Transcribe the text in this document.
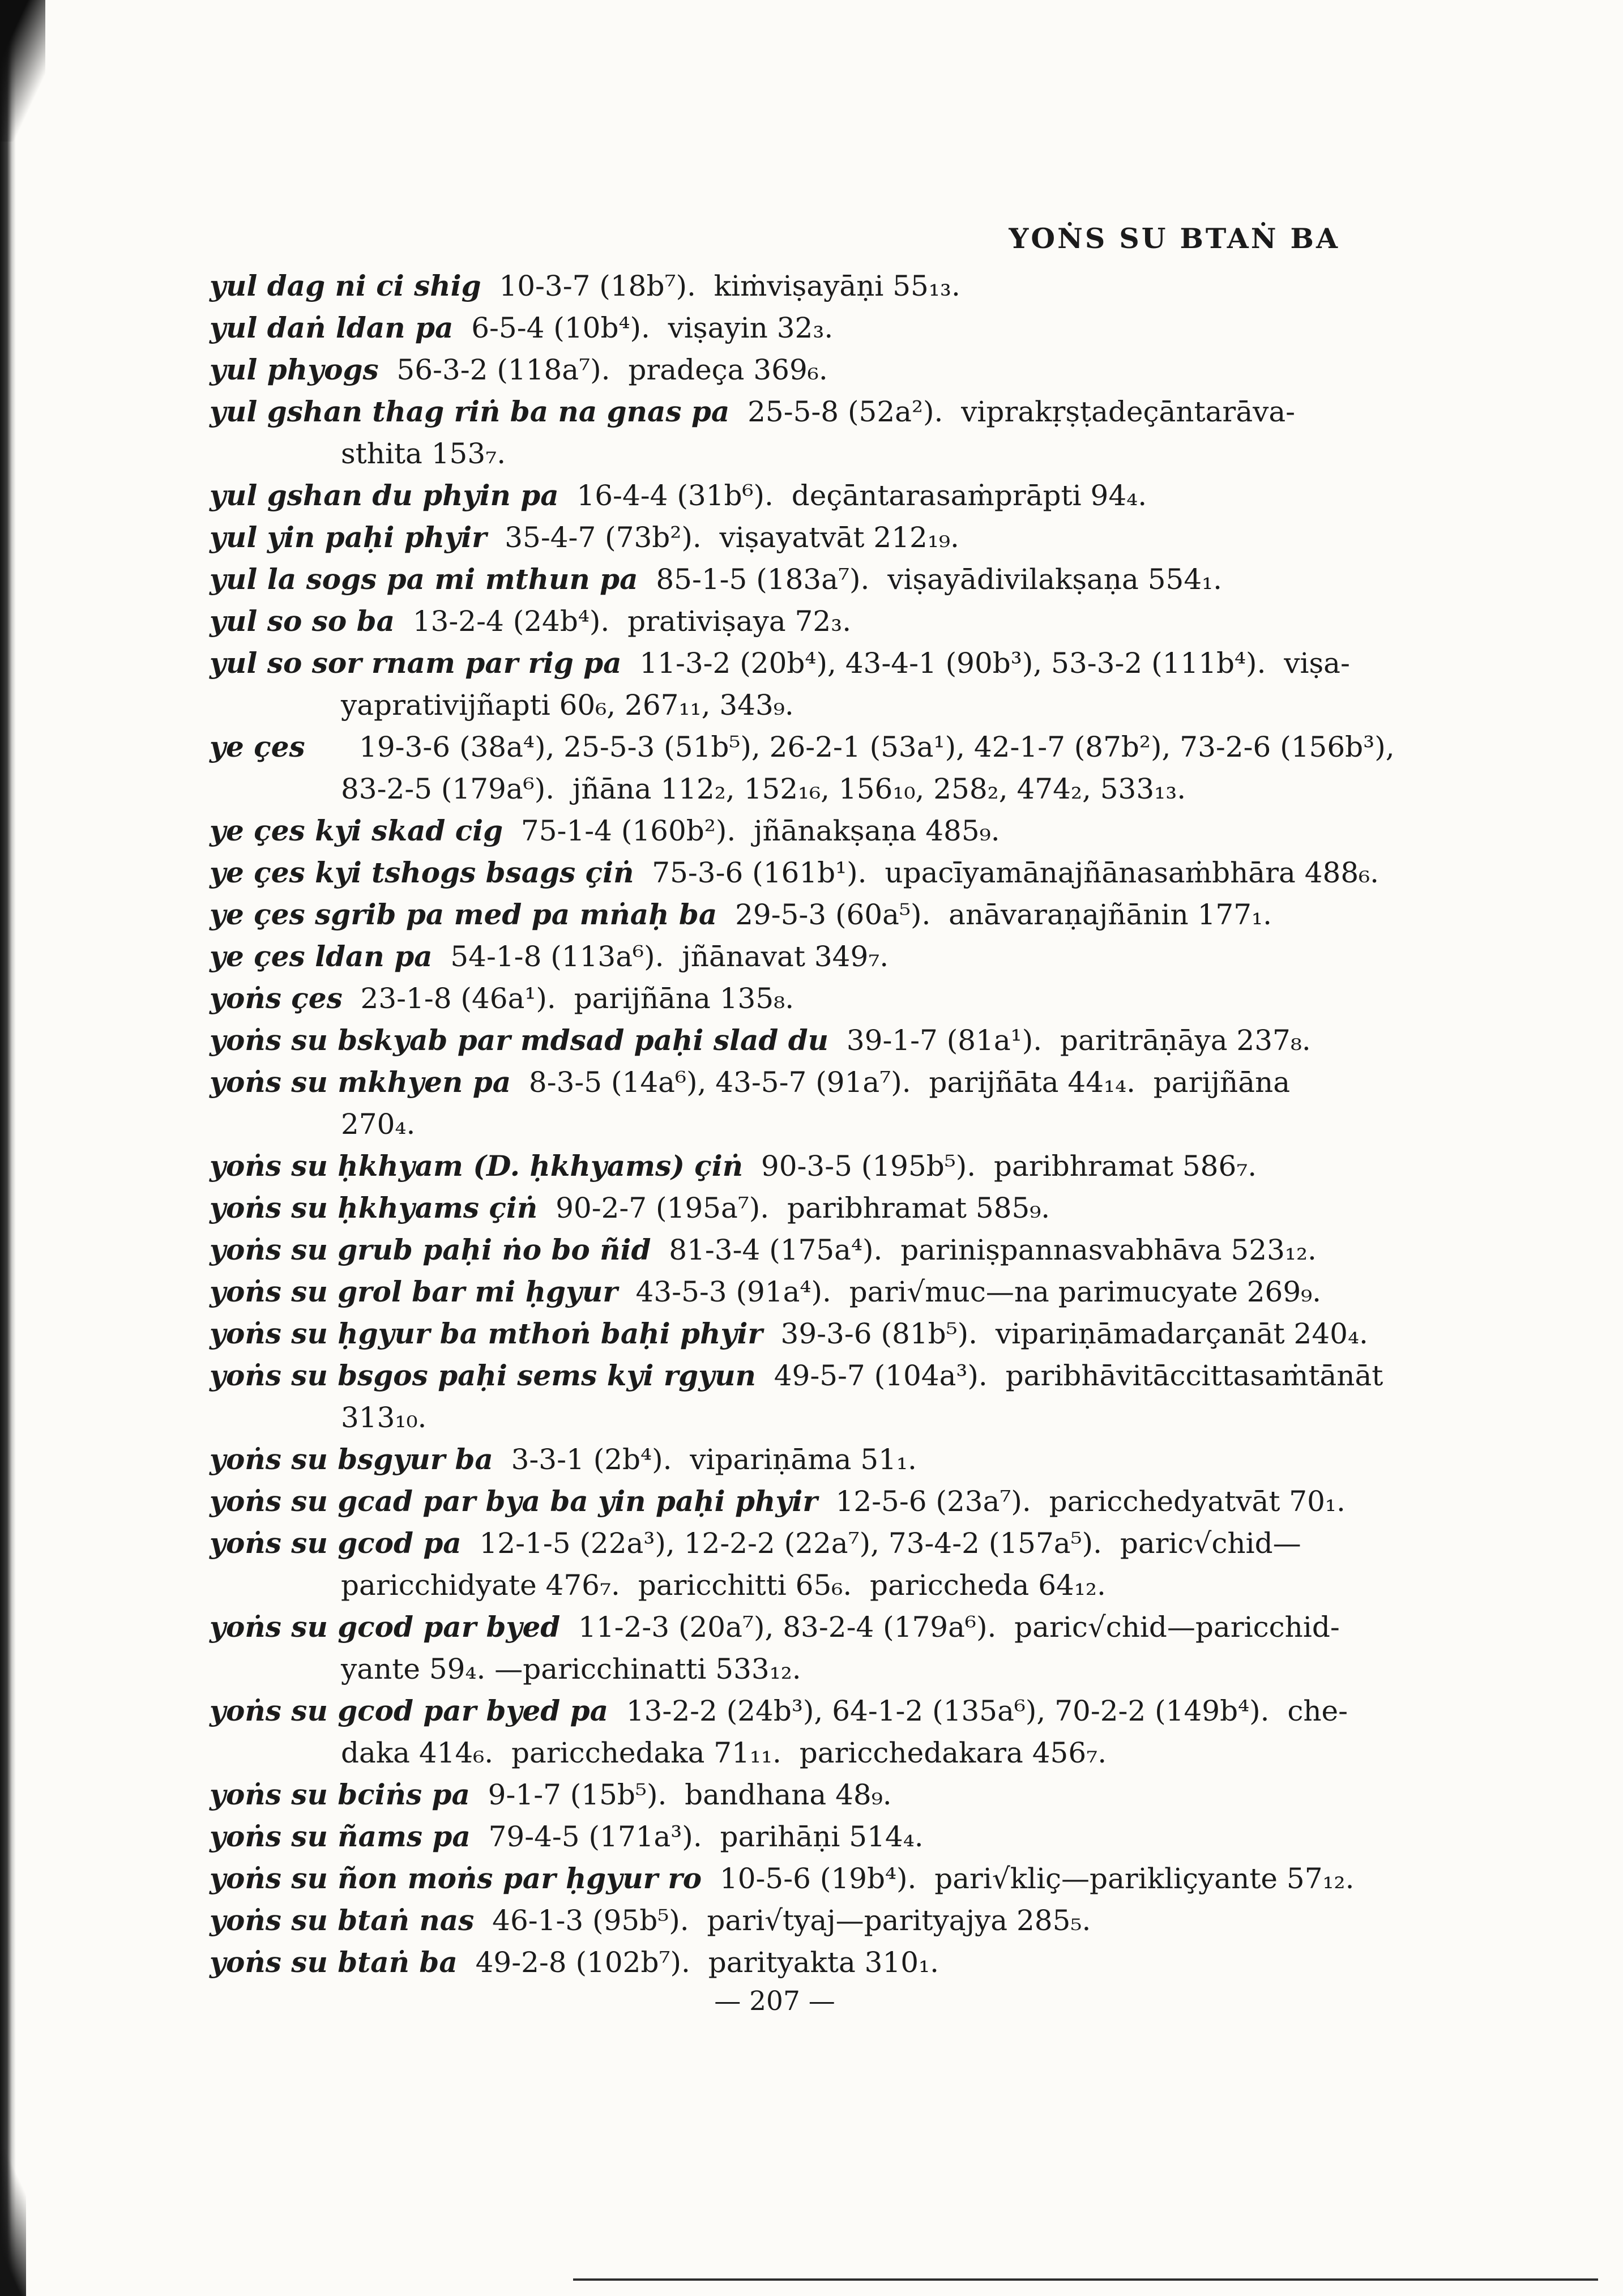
YOṄS SU BTAṄ BA
yul dag ni ci shig  10-3-7 (18b⁷).  kiṁviṣayāṇi 55₁₃.
yul daṅ ldan pa  6-5-4 (10b⁴).  viṣayin 32₃.
yul phyogs  56-3-2 (118a⁷).  pradeça 369₆.
yul gshan thag riṅ ba na gnas pa  25-5-8 (52a²).  viprakṛṣṭadeçāntarāva-
sthita 153₇.
yul gshan du phyin pa  16-4-4 (31b⁶).  deçāntarasaṁprāpti 94₄.
yul yin paḥi phyir  35-4-7 (73b²).  viṣayatvāt 212₁₉.
yul la sogs pa mi mthun pa  85-1-5 (183a⁷).  viṣayādivilakṣaṇa 554₁.
yul so so ba  13-2-4 (24b⁴).  prativiṣaya 72₃.
yul so sor rnam par rig pa  11-3-2 (20b⁴), 43-4-1 (90b³), 53-3-2 (111b⁴).  viṣa-
yaprativijñapti 60₆, 267₁₁, 343₉.
ye çes      19-3-6 (38a⁴), 25-5-3 (51b⁵), 26-2-1 (53a¹), 42-1-7 (87b²), 73-2-6 (156b³),
83-2-5 (179a⁶).  jñāna 112₂, 152₁₆, 156₁₀, 258₂, 474₂, 533₁₃.
ye çes kyi skad cig  75-1-4 (160b²).  jñānakṣaṇa 485₉.
ye çes kyi tshogs bsags çiṅ  75-3-6 (161b¹).  upacīyamānajñānasaṁbhāra 488₆.
ye çes sgrib pa med pa mṅaḥ ba  29-5-3 (60a⁵).  anāvaraṇajñānin 177₁.
ye çes ldan pa  54-1-8 (113a⁶).  jñānavat 349₇.
yoṅs çes  23-1-8 (46a¹).  parijñāna 135₈.
yoṅs su bskyab par mdsad paḥi slad du  39-1-7 (81a¹).  paritrāṇāya 237₈.
yoṅs su mkhyen pa  8-3-5 (14a⁶), 43-5-7 (91a⁷).  parijñāta 44₁₄.  parijñāna
270₄.
yoṅs su ḥkhyam (D. ḥkhyams) çiṅ  90-3-5 (195b⁵).  paribhramat 586₇.
yoṅs su ḥkhyams çiṅ  90-2-7 (195a⁷).  paribhramat 585₉.
yoṅs su grub paḥi ṅo bo ñid  81-3-4 (175a⁴).  pariniṣpannasvabhāva 523₁₂.
yoṅs su grol bar mi ḥgyur  43-5-3 (91a⁴).  pari√muc—na parimucyate 269₉.
yoṅs su ḥgyur ba mthoṅ baḥi phyir  39-3-6 (81b⁵).  vipariṇāmadarçanāt 240₄.
yoṅs su bsgos paḥi sems kyi rgyun  49-5-7 (104a³).  paribhāvitāccittasaṁtānāt
313₁₀.
yoṅs su bsgyur ba  3-3-1 (2b⁴).  vipariṇāma 51₁.
yoṅs su gcad par bya ba yin paḥi phyir  12-5-6 (23a⁷).  paricchedyatvāt 70₁.
yoṅs su gcod pa  12-1-5 (22a³), 12-2-2 (22a⁷), 73-4-2 (157a⁵).  paric√chid—
paricchidyate 476₇.  paricchitti 65₆.  pariccheda 64₁₂.
yoṅs su gcod par byed  11-2-3 (20a⁷), 83-2-4 (179a⁶).  paric√chid—paricchid-
yante 59₄. —paricchinatti 533₁₂.
yoṅs su gcod par byed pa  13-2-2 (24b³), 64-1-2 (135a⁶), 70-2-2 (149b⁴).  che-
daka 414₆.  paricchedaka 71₁₁.  paricchedakara 456₇.
yoṅs su bciṅs pa  9-1-7 (15b⁵).  bandhana 48₉.
yoṅs su ñams pa  79-4-5 (171a³).  parihāṇi 514₄.
yoṅs su ñon moṅs par ḥgyur ro  10-5-6 (19b⁴).  pari√kliç—parikliçyante 57₁₂.
yoṅs su btaṅ nas  46-1-3 (95b⁵).  pari√tyaj—parityajya 285₅.
yoṅs su btaṅ ba  49-2-8 (102b⁷).  parityakta 310₁.
— 207 —
